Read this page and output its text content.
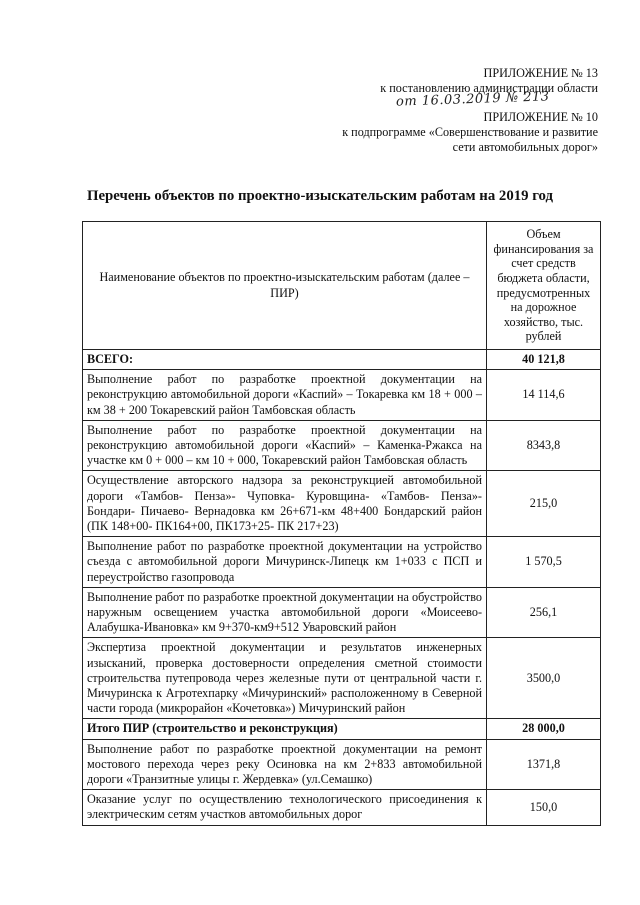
ПРИЛОЖЕНИЕ № 13
к постановлению администрации области
от 16.03.2019 № 213
ПРИЛОЖЕНИЕ № 10
к подпрограмме «Совершенствование и развитие
сети автомобильных дорог»
Перечень объектов по проектно-изыскательским работам на 2019 год
Наименование объектов по проектно-изыскательским работам (далее – ПИР)	Объем финансирования за счет средств бюджета области, предусмотренных на дорожное хозяйство, тыс. рублей
ВСЕГО:	40 121,8
Выполнение работ по разработке проектной документации на реконструкцию автомобильной дороги «Каспий» – Токаревка км 18 + 000 – км 38 + 200 Токаревский район Тамбовская область	14 114,6
Выполнение работ по разработке проектной документации на реконструкцию автомобильной дороги «Каспий» – Каменка-Ржакса на участке км 0 + 000 – км 10 + 000, Токаревский район Тамбовская область	8343,8
Осуществление авторского надзора за реконструкцией автомобильной дороги «Тамбов- Пенза»- Чуповка- Куровщина- «Тамбов- Пенза»- Бондари- Пичаево- Вернадовка км 26+671-км 48+400 Бондарский район (ПК 148+00- ПК164+00, ПК173+25- ПК 217+23)	215,0
Выполнение работ по разработке проектной документации на устройство съезда с автомобильной дороги Мичуринск-Липецк км 1+033 с ПСП и переустройство газопровода	1 570,5
Выполнение работ по разработке проектной документации на обустройство наружным освещением участка автомобильной дороги «Моисеево-Алабушка-Ивановка» км 9+370-км9+512 Уваровский район	256,1
Экспертиза проектной документации и результатов инженерных изысканий, проверка достоверности определения сметной стоимости строительства путепровода через железные пути от центральной части г. Мичуринска к Агротехпарку «Мичуринский» расположенному в Северной части города (микрорайон «Кочетовка») Мичуринский район	3500,0
Итого ПИР (строительство и реконструкция)	28 000,0
Выполнение работ по разработке проектной документации на ремонт мостового перехода через реку Осиновка на км 2+833 автомобильной дороги «Транзитные улицы г. Жердевка» (ул.Семашко)	1371,8
Оказание услуг по осуществлению технологического присоединения к электрическим сетям участков автомобильных дорог	150,0
